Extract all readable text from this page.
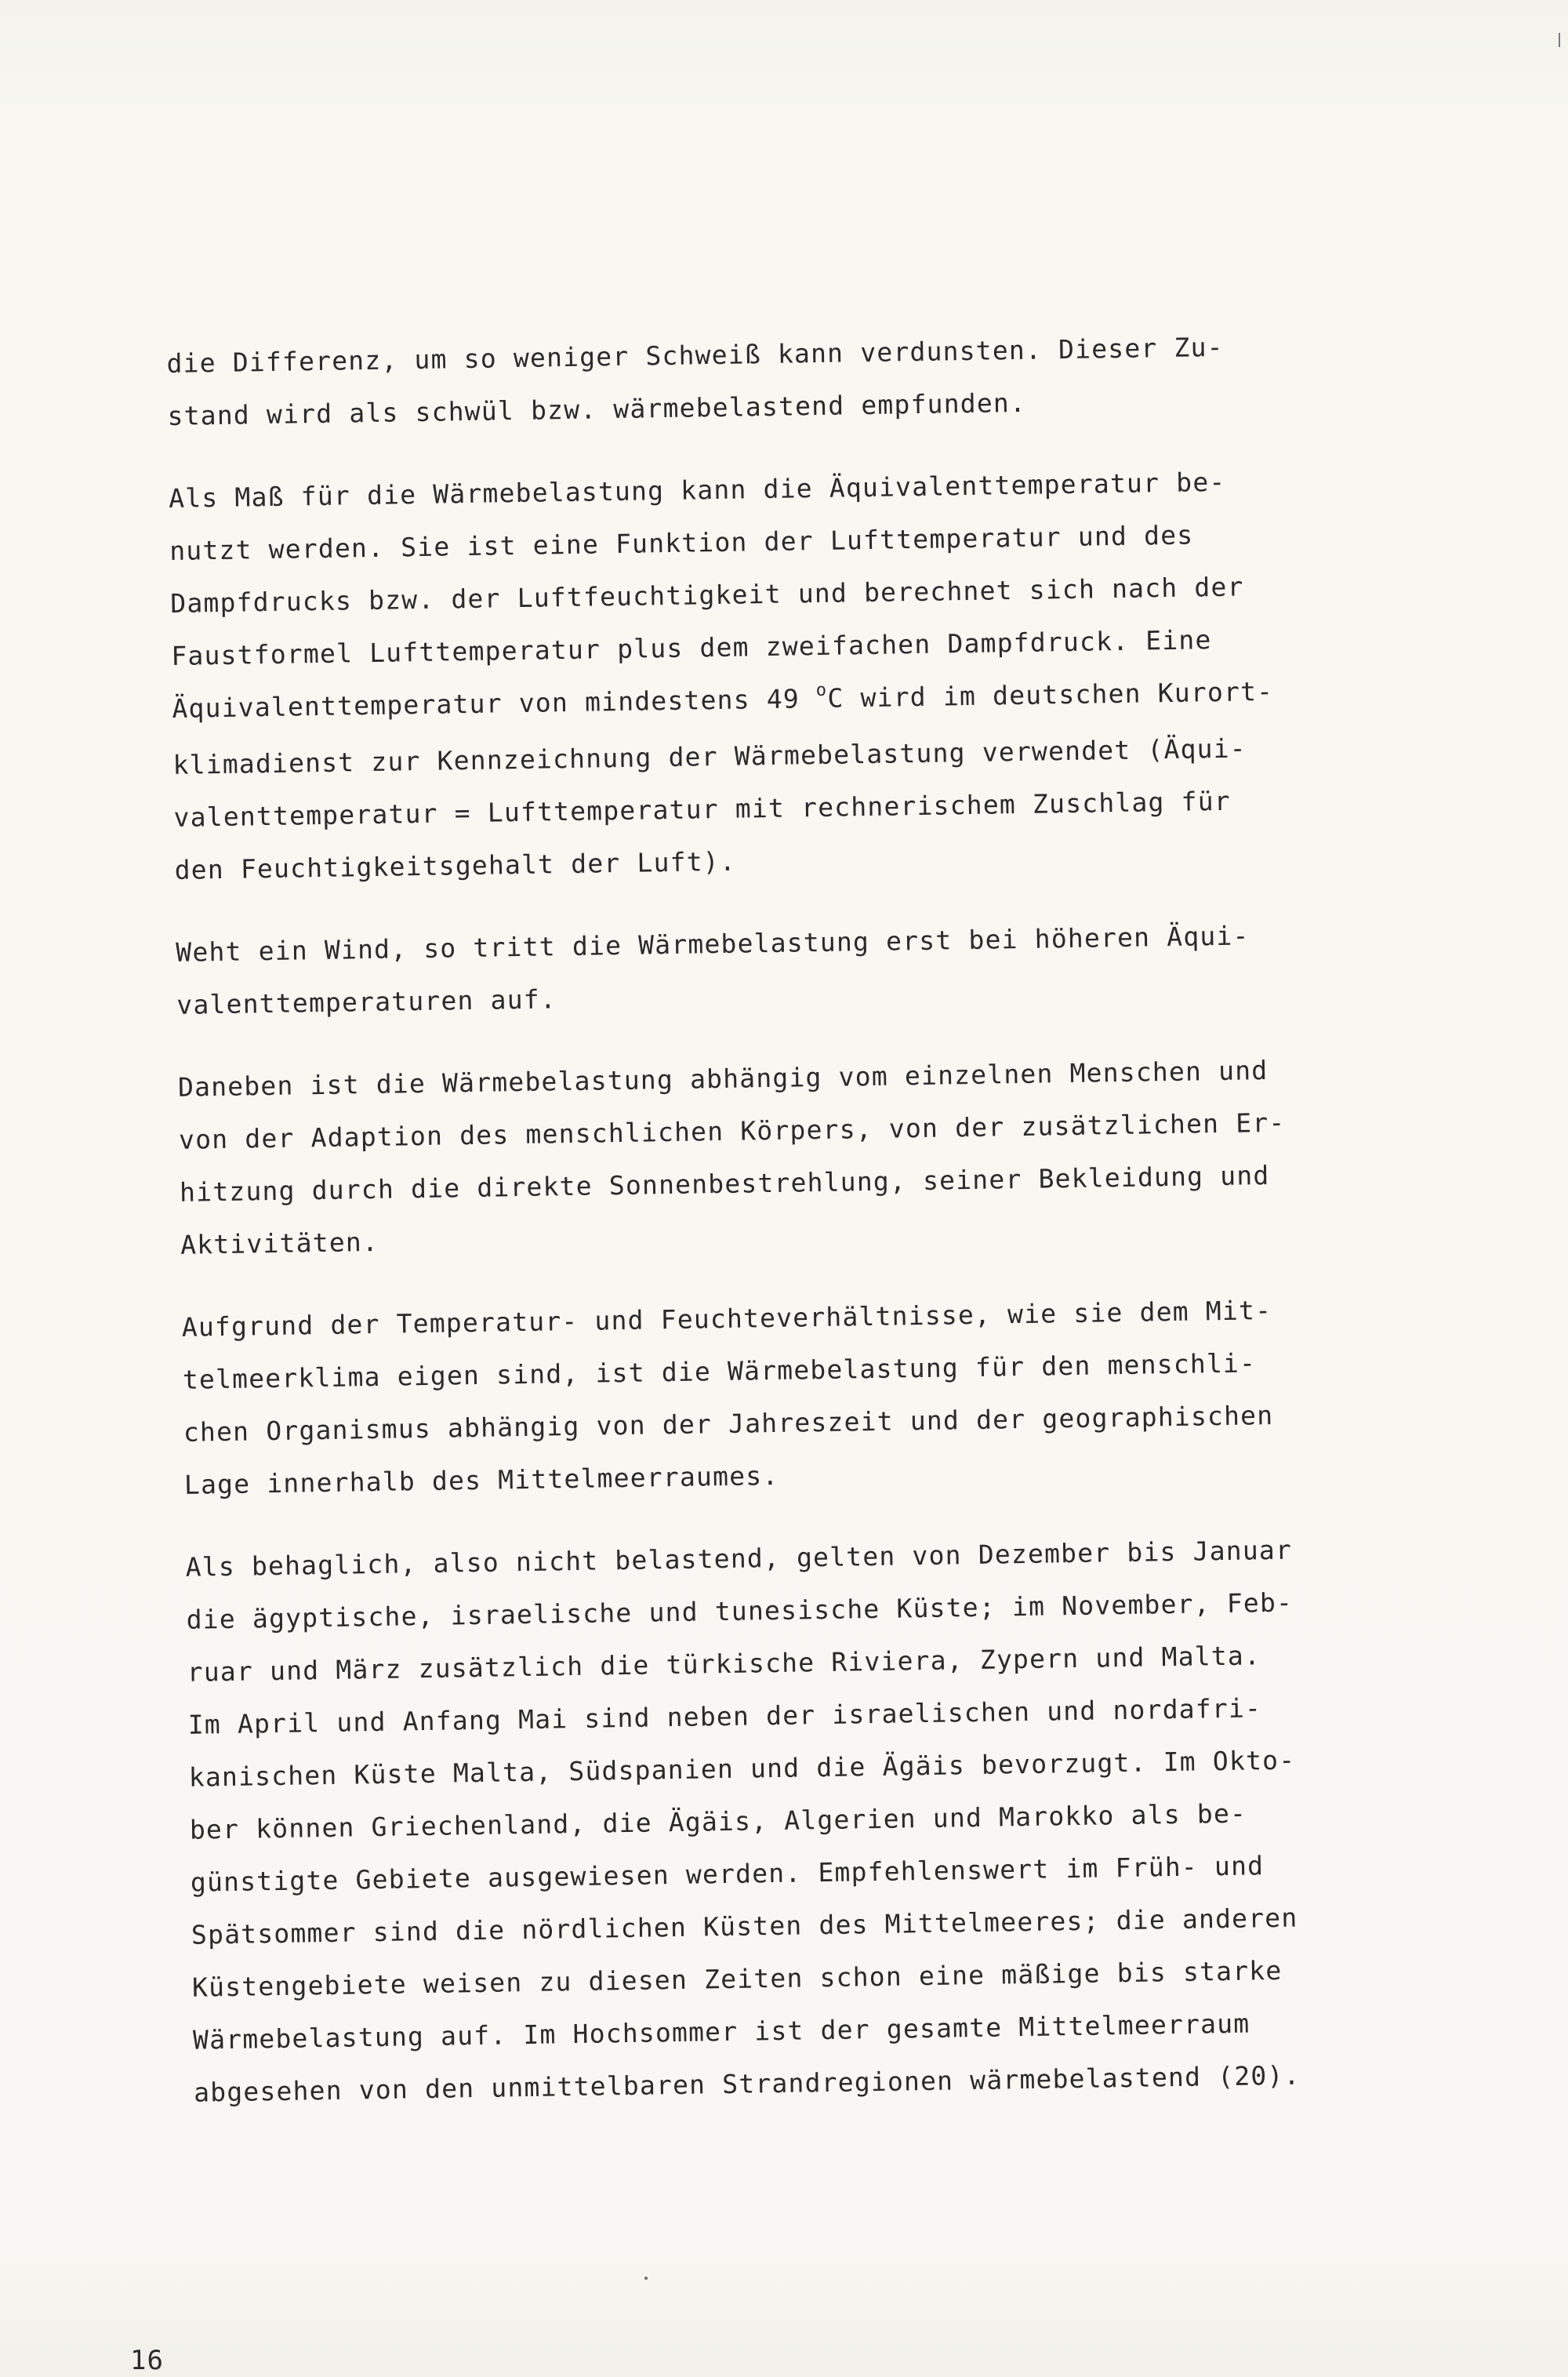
die Differenz, um so weniger Schweiß kann verdunsten. Dieser Zu-
stand wird als schwül bzw. wärmebelastend empfunden.
Als Maß für die Wärmebelastung kann die Äquivalenttemperatur be-
nutzt werden. Sie ist eine Funktion der Lufttemperatur und des
Dampfdrucks bzw. der Luftfeuchtigkeit und berechnet sich nach der
Faustformel Lufttemperatur plus dem zweifachen Dampfdruck. Eine
Äquivalenttemperatur von mindestens 49 $^o$C wird im deutschen Kurort-
klimadienst zur Kennzeichnung der Wärmebelastung verwendet (Äqui-
valenttemperatur = Lufttemperatur mit rechnerischem Zuschlag für
den Feuchtigkeitsgehalt der Luft).
Weht ein Wind, so tritt die Wärmebelastung erst bei höheren Äqui-
valenttemperaturen auf.
Daneben ist die Wärmebelastung abhängig vom einzelnen Menschen und
von der Adaption des menschlichen Körpers, von der zusätzlichen Er-
hitzung durch die direkte Sonnenbestrehlung, seiner Bekleidung und
Aktivitäten.
Aufgrund der Temperatur- und Feuchteverhältnisse, wie sie dem Mit-
telmeerklima eigen sind, ist die Wärmebelastung für den menschli-
chen Organismus abhängig von der Jahreszeit und der geographischen
Lage innerhalb des Mittelmeerraumes.
Als behaglich, also nicht belastend, gelten von Dezember bis Januar
die ägyptische, israelische und tunesische Küste; im November, Feb-
ruar und März zusätzlich die türkische Riviera, Zypern und Malta.
Im April und Anfang Mai sind neben der israelischen und nordafri-
kanischen Küste Malta, Südspanien und die Ägäis bevorzugt. Im Okto-
ber können Griechenland, die Ägäis, Algerien und Marokko als be-
günstigte Gebiete ausgewiesen werden. Empfehlenswert im Früh- und
Spätsommer sind die nördlichen Küsten des Mittelmeeres; die anderen
Küstengebiete weisen zu diesen Zeiten schon eine mäßige bis starke
Wärmebelastung auf. Im Hochsommer ist der gesamte Mittelmeerraum
abgesehen von den unmittelbaren Strandregionen wärmebelastend (20).
16
